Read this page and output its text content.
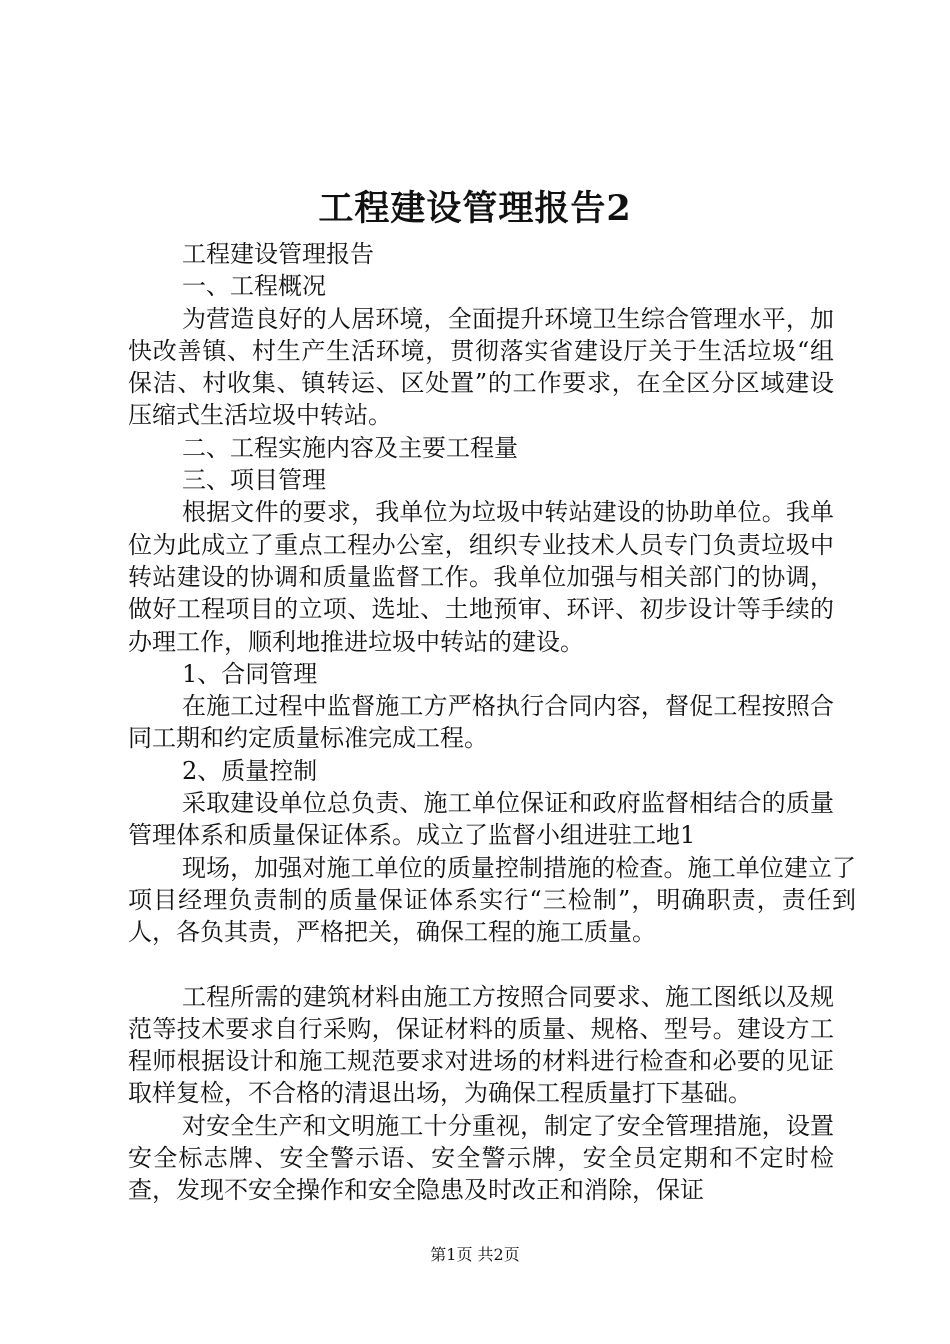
工程建设管理报告2

工程建设管理报告

一、工程概况

为营造良好的人居环境，全面提升环境卫生综合管理水平，加快改善镇、村生产生活环境，贯彻落实省建设厅关于生活垃圾“组保洁、村收集、镇转运、区处置”的工作要求，在全区分区域建设压缩式生活垃圾中转站。

二、工程实施内容及主要工程量

三、项目管理

根据文件的要求，我单位为垃圾中转站建设的协助单位。我单位为此成立了重点工程办公室，组织专业技术人员专门负责垃圾中转站建设的协调和质量监督工作。我单位加强与相关部门的协调，做好工程项目的立项、选址、土地预审、环评、初步设计等手续的办理工作，顺利地推进垃圾中转站的建设。

1、合同管理

在施工过程中监督施工方严格执行合同内容，督促工程按照合同工期和约定质量标准完成工程。

2、质量控制

采取建设单位总负责、施工单位保证和政府监督相结合的质量管理体系和质量保证体系。成立了监督小组进驻工地1

现场，加强对施工单位的质量控制措施的检查。施工单位建立了项目经理负责制的质量保证体系实行“三检制”，明确职责，责任到人，各负其责，严格把关，确保工程的施工质量。

工程所需的建筑材料由施工方按照合同要求、施工图纸以及规范等技术要求自行采购，保证材料的质量、规格、型号。建设方工程师根据设计和施工规范要求对进场的材料进行检查和必要的见证取样复检，不合格的清退出场，为确保工程质量打下基础。

对安全生产和文明施工十分重视，制定了安全管理措施，设置安全标志牌、安全警示语、安全警示牌，安全员定期和不定时检查，发现不安全操作和安全隐患及时改正和消除，保证

第1页 共2页
